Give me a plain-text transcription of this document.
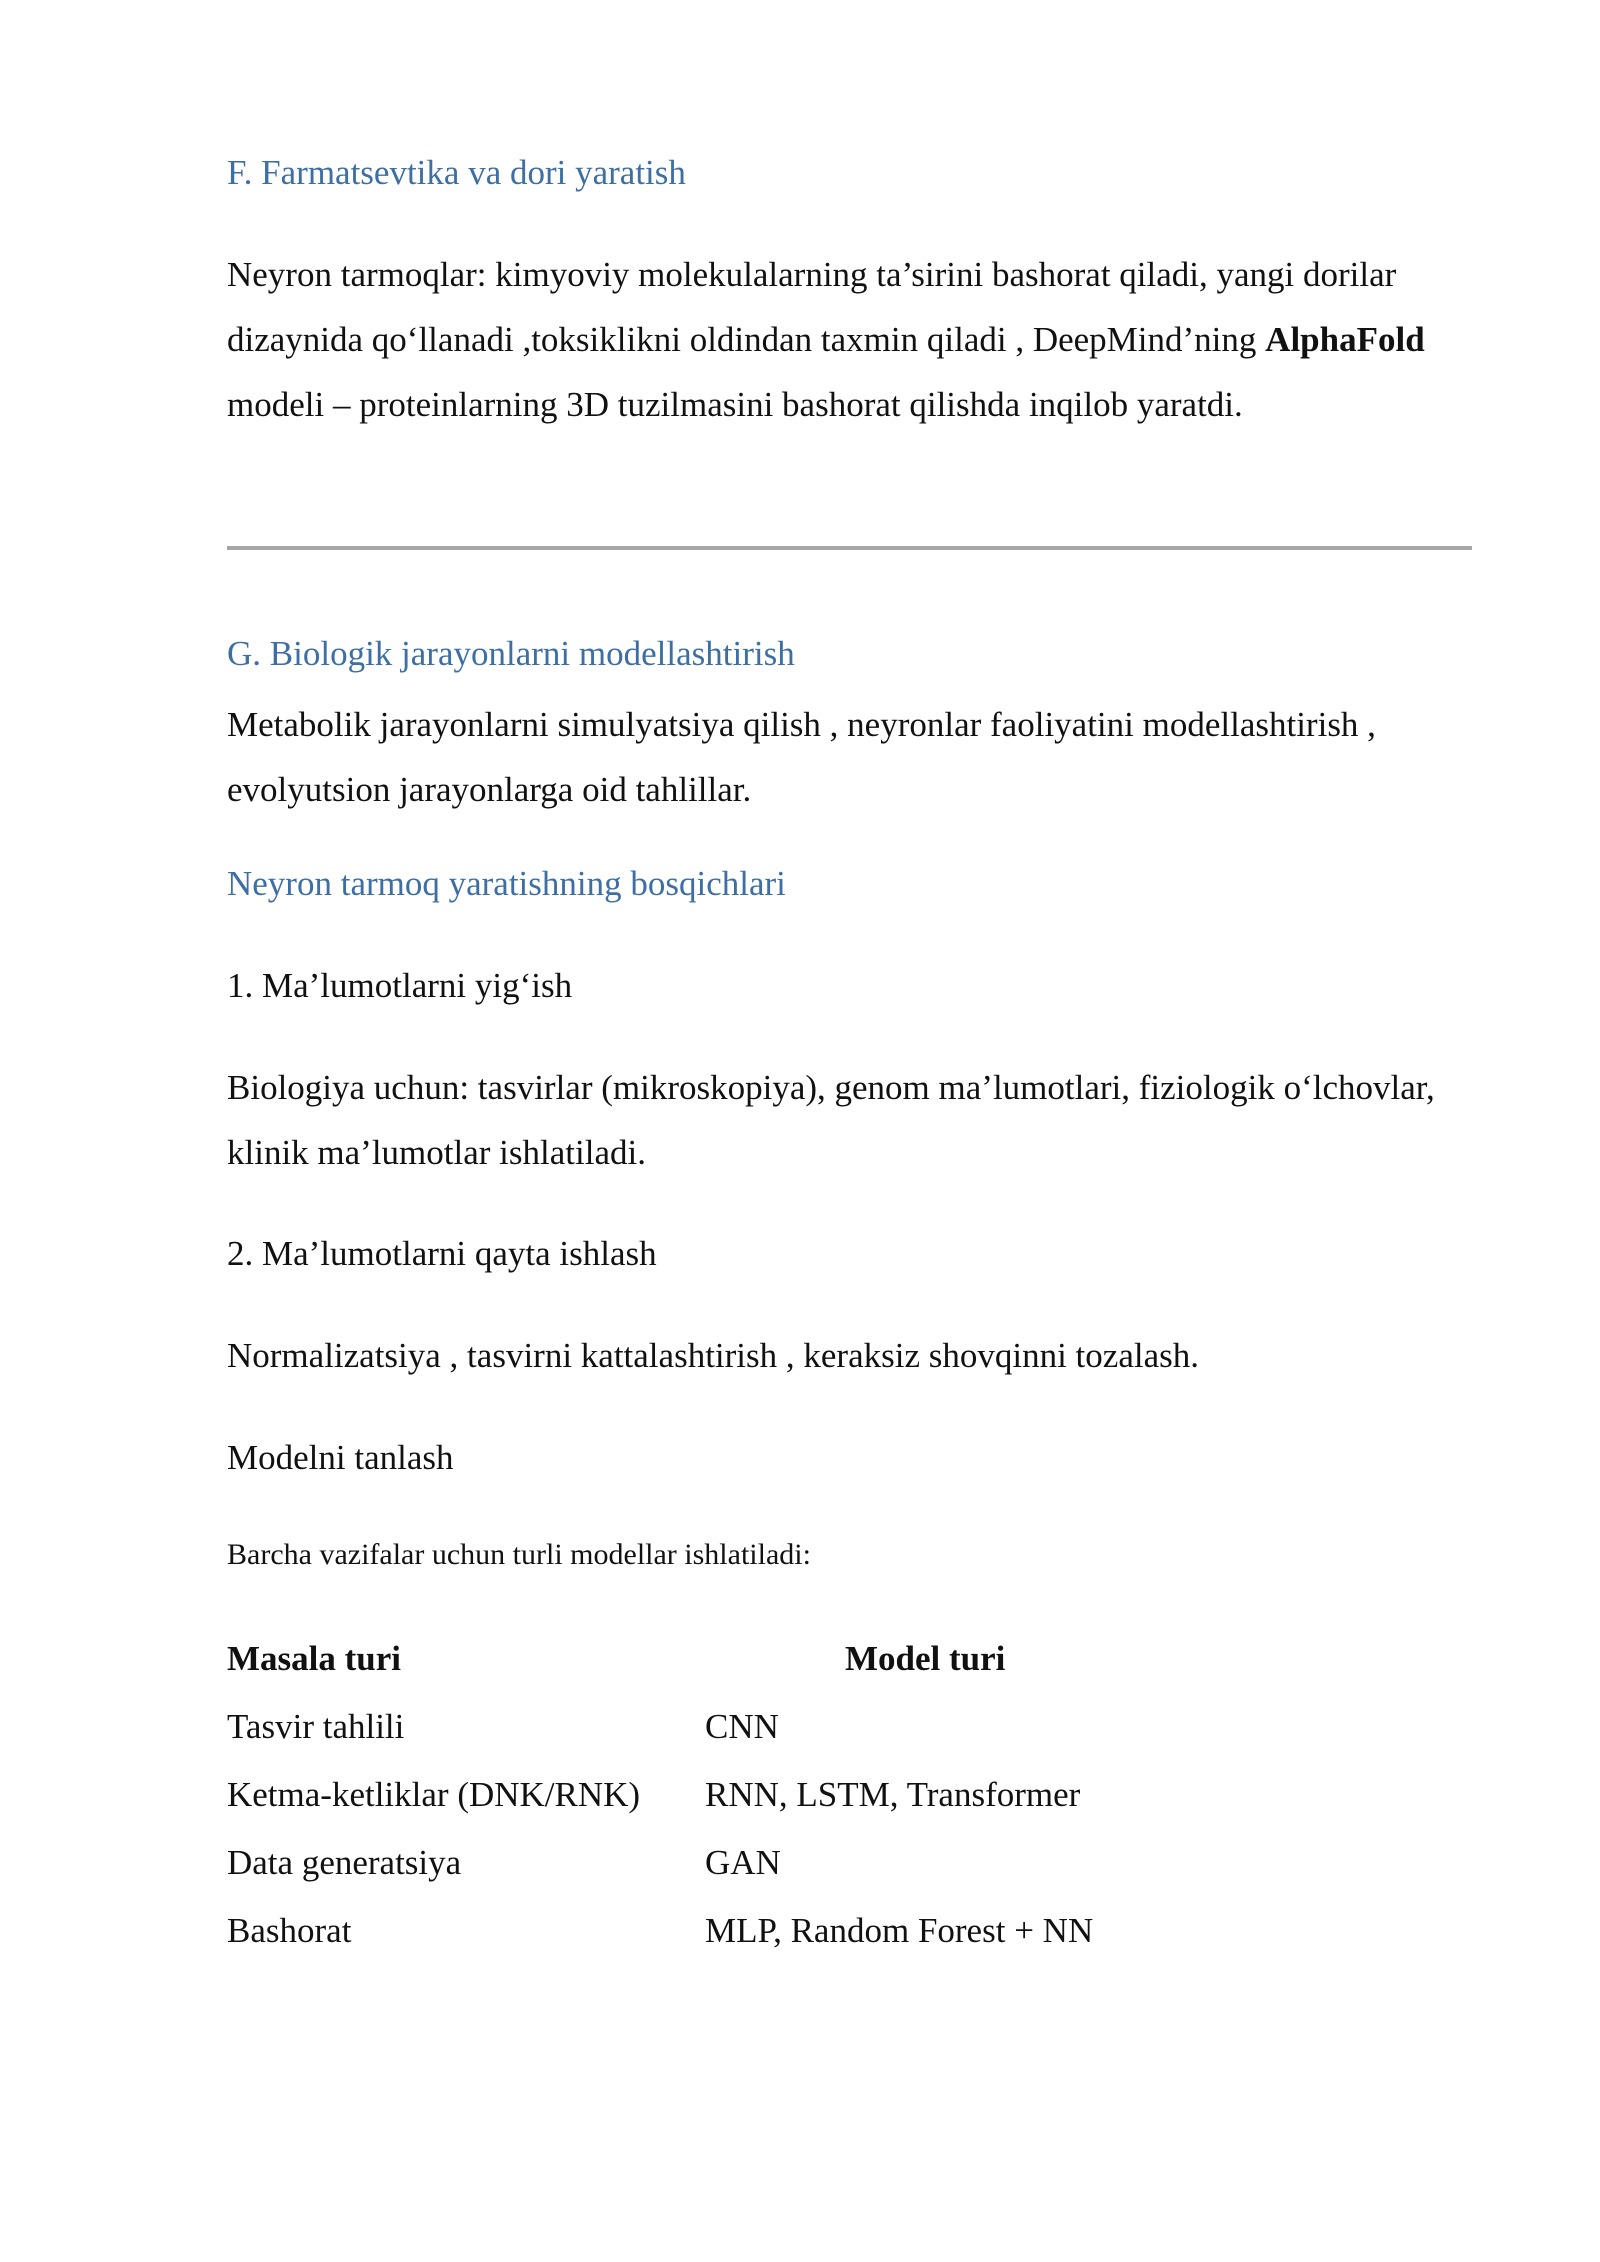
F. Farmatsevtika va dori yaratish

Neyron tarmoqlar: kimyoviy molekulalarning ta’sirini bashorat qiladi, yangi dorilar dizaynida qo‘llanadi ,toksiklikni oldindan taxmin qiladi , DeepMind’ning AlphaFold modeli – proteinlarning 3D tuzilmasini bashorat qilishda inqilob yaratdi.

G. Biologik jarayonlarni modellashtirish

Metabolik jarayonlarni simulyatsiya qilish , neyronlar faoliyatini modellashtirish , evolyutsion jarayonlarga oid tahlillar.

Neyron tarmoq yaratishning bosqichlari

1. Ma’lumotlarni yig‘ish

Biologiya uchun: tasvirlar (mikroskopiya), genom ma’lumotlari, fiziologik o‘lchovlar, klinik ma’lumotlar ishlatiladi.

2. Ma’lumotlarni qayta ishlash

Normalizatsiya , tasvirni kattalashtirish , keraksiz shovqinni tozalash.

Modelni tanlash

Barcha vazifalar uchun turli modellar ishlatiladi:

Masala turi	Model turi
Tasvir tahlili	CNN
Ketma-ketliklar (DNK/RNK)	RNN, LSTM, Transformer
Data generatsiya	GAN
Bashorat	MLP, Random Forest + NN
